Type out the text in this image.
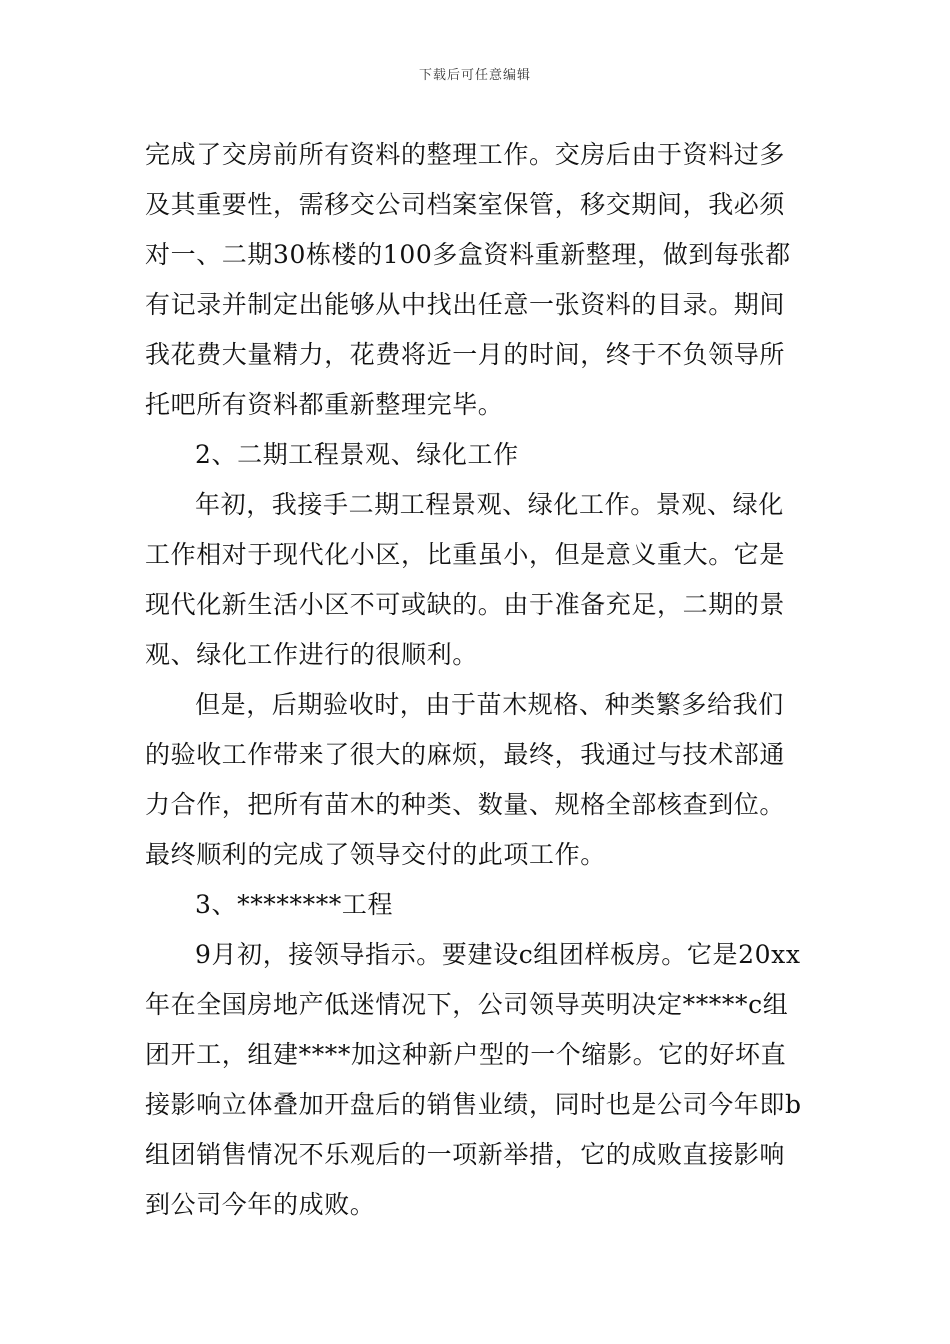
下载后可任意编辑
完成了交房前所有资料的整理工作。交房后由于资料过多
及其重要性，需移交公司档案室保管，移交期间，我必须
对一、二期30栋楼的100多盒资料重新整理，做到每张都
有记录并制定出能够从中找出任意一张资料的目录。期间
我花费大量精力，花费将近一月的时间，终于不负领导所
托吧所有资料都重新整理完毕。
2、二期工程景观、绿化工作
年初，我接手二期工程景观、绿化工作。景观、绿化
工作相对于现代化小区，比重虽小，但是意义重大。它是
现代化新生活小区不可或缺的。由于准备充足，二期的景
观、绿化工作进行的很顺利。
但是，后期验收时，由于苗木规格、种类繁多给我们
的验收工作带来了很大的麻烦，最终，我通过与技术部通
力合作，把所有苗木的种类、数量、规格全部核查到位。
最终顺利的完成了领导交付的此项工作。
3、********工程
9月初，接领导指示。要建设c组团样板房。它是20xx
年在全国房地产低迷情况下，公司领导英明决定*****c组
团开工，组建****加这种新户型的一个缩影。它的好坏直
接影响立体叠加开盘后的销售业绩，同时也是公司今年即b
组团销售情况不乐观后的一项新举措，它的成败直接影响
到公司今年的成败。
